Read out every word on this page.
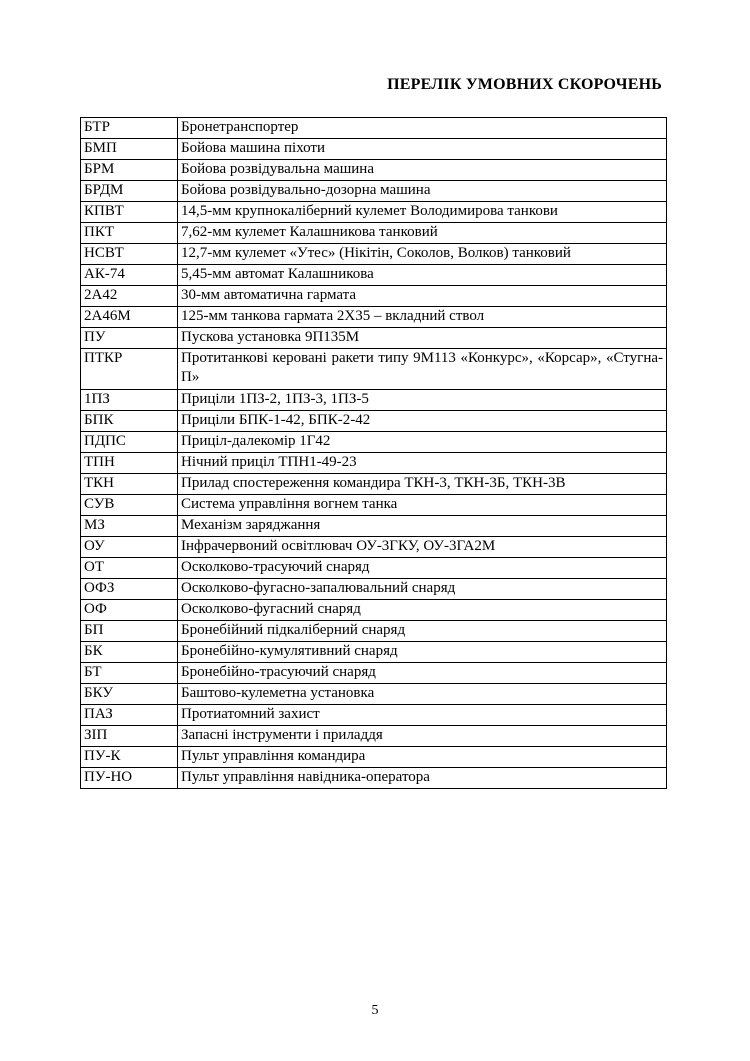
ПЕРЕЛІК УМОВНИХ СКОРОЧЕНЬ
БТР	Бронетранспортер
БМП	Бойова машина піхоти
БРМ	Бойова розвідувальна машина
БРДМ	Бойова розвідувально-дозорна машина
КПВТ	14,5-мм крупнокаліберний кулемет Володимирова танкови
ПКТ	7,62-мм кулемет Калашникова танковий
НСВТ	12,7-мм кулемет «Утес» (Нікітін, Соколов, Волков) танковий
АК-74	5,45-мм автомат Калашникова
2А42	30-мм автоматична гармата
2А46М	125-мм танкова гармата 2Х35 – вкладний ствол
ПУ	Пускова установка 9П135М
ПТКР	Протитанкові керовані ракети типу 9М113 «Конкурс», «Корсар», «Стугна-П»
1ПЗ	Приціли 1ПЗ-2, 1ПЗ-3, 1ПЗ-5
БПК	Приціли БПК-1-42, БПК-2-42
ПДПС	Приціл-далекомір 1Г42
ТПН	Нічний приціл ТПН1-49-23
ТКН	Прилад спостереження командира ТКН-3, ТКН-3Б, ТКН-3В
СУВ	Система управління вогнем танка
МЗ	Механізм заряджання
ОУ	Інфрачервоний освітлювач ОУ-3ГКУ, ОУ-3ГА2М
ОТ	Осколково-трасуючий снаряд
ОФЗ	Осколково-фугасно-запалювальний снаряд
ОФ	Осколково-фугасний снаряд
БП	Бронебійний підкаліберний снаряд
БК	Бронебійно-кумулятивний снаряд
БТ	Бронебійно-трасуючий снаряд
БКУ	Баштово-кулеметна установка
ПАЗ	Протиатомний захист
ЗІП	Запасні інструменти і приладдя
ПУ-К	Пульт управління командира
ПУ-НО	Пульт управління навідника-оператора
5
